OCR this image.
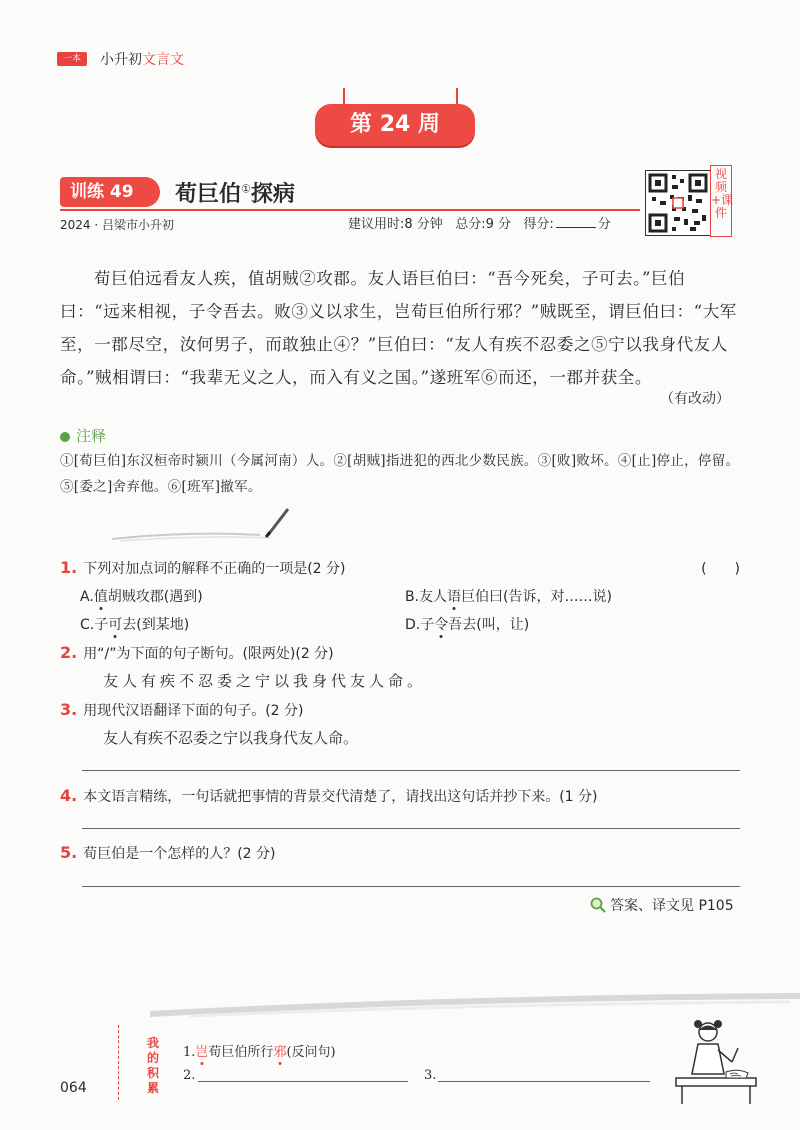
一本	小升初文言文
第 24 周
训练 49	荀巨伯①探病
2024 · 吕梁市小升初	建议用时:8 分钟 总分:9 分 得分:	分
视频+课件
荀巨伯远看友人疾，值胡贼②攻郡。友人语巨伯曰：“吾今死矣，子可去。”巨伯曰：“远来相视，子令吾去。败③义以求生，岂荀巨伯所行邪？”贼既至，谓巨伯曰：“大军至，一郡尽空，汝何男子，而敢独止④？”巨伯曰：“友人有疾不忍委之⑤宁以我身代友人命。”贼相谓曰：“我辈无义之人，而入有义之国。”遂班军⑥而还，一郡并获全。
（有改动）
注释
①[荀巨伯]东汉桓帝时颍川（今属河南）人。②[胡贼]指进犯的西北少数民族。③[败]败坏。④[止]停止，停留。⑤[委之]舍弃他。⑥[班军]撤军。
1. 下列对加点词的解释不正确的一项是(2 分)	(　　)
A.值胡贼攻郡(遇到)	B.友人语巨伯曰(告诉，对……说)
C.子可去(到某地)	D.子令吾去(叫，让)
2. 用“/”为下面的句子断句。(限两处)(2 分)
友人有疾不忍委之宁以我身代友人命。
3. 用现代汉语翻译下面的句子。(2 分)
友人有疾不忍委之宁以我身代友人命。
4. 本文语言精练，一句话就把事情的背景交代清楚了，请找出这句话并抄下来。(1 分)
5. 荀巨伯是一个怎样的人？(2 分)
答案、译文见 P105
我的积累
1.岂荀巨伯所行邪(反问句)
2.	3.
064
